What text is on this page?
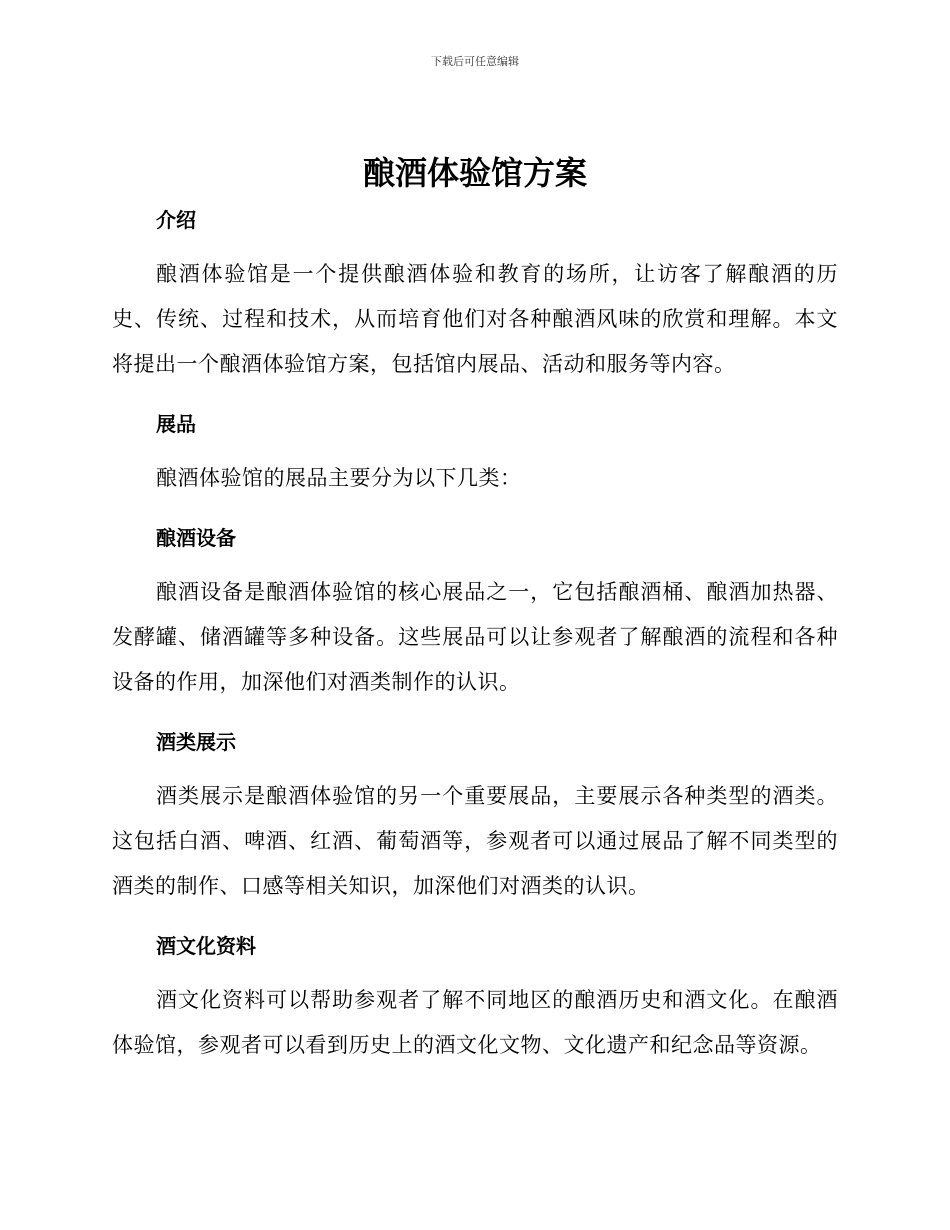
下载后可任意编辑
酿酒体验馆方案
介绍

酿酒体验馆是一个提供酿酒体验和教育的场所，让访客了解酿酒的历史、传统、过程和技术，从而培育他们对各种酿酒风味的欣赏和理解。本文将提出一个酿酒体验馆方案，包括馆内展品、活动和服务等内容。

展品

酿酒体验馆的展品主要分为以下几类：

酿酒设备

酿酒设备是酿酒体验馆的核心展品之一，它包括酿酒桶、酿酒加热器、发酵罐、储酒罐等多种设备。这些展品可以让参观者了解酿酒的流程和各种设备的作用，加深他们对酒类制作的认识。

酒类展示

酒类展示是酿酒体验馆的另一个重要展品，主要展示各种类型的酒类。这包括白酒、啤酒、红酒、葡萄酒等，参观者可以通过展品了解不同类型的酒类的制作、口感等相关知识，加深他们对酒类的认识。

酒文化资料

酒文化资料可以帮助参观者了解不同地区的酿酒历史和酒文化。在酿酒体验馆，参观者可以看到历史上的酒文化文物、文化遗产和纪念品等资源。
